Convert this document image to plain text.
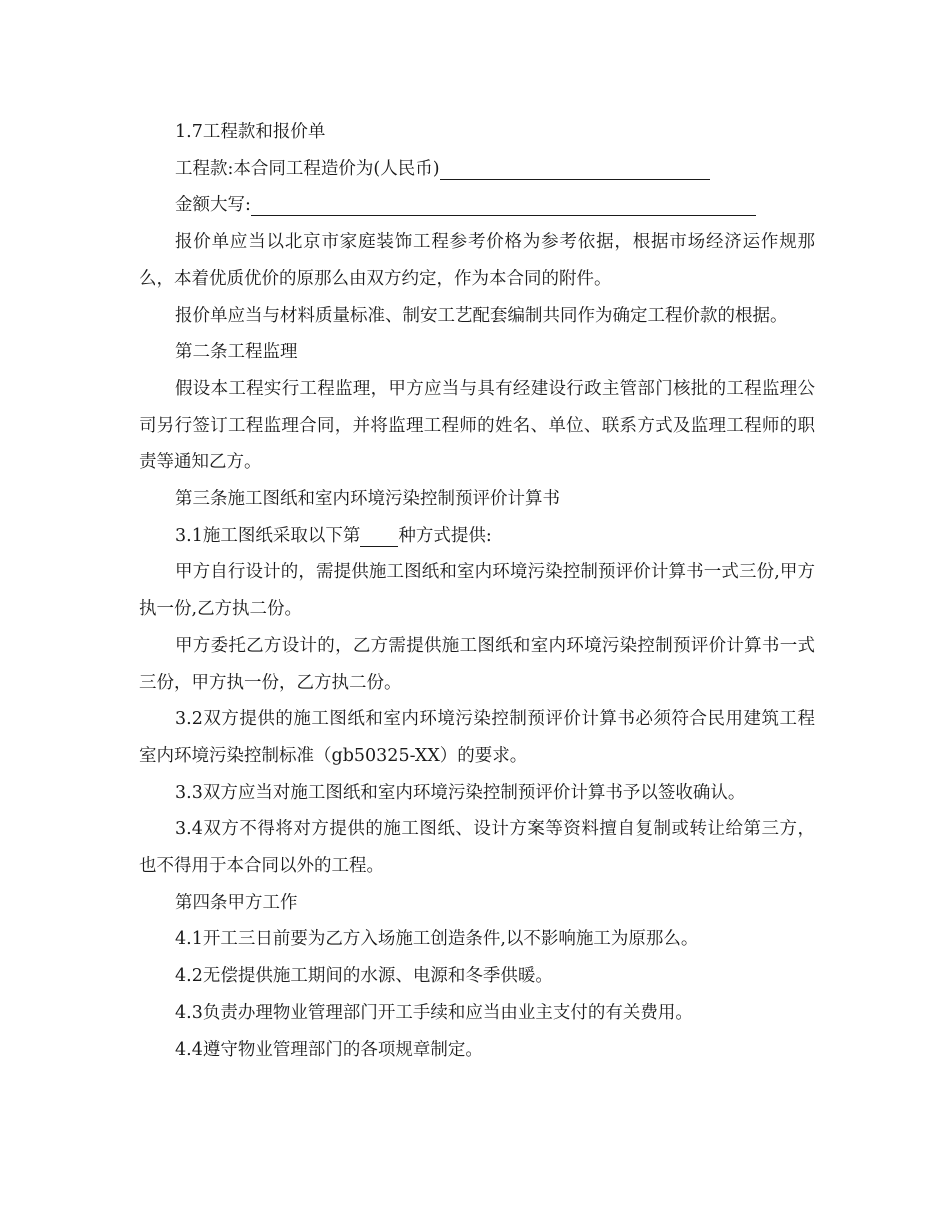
1.7工程款和报价单

工程款:本合同工程造价为(人民币)

金额大写:

报价单应当以北京市家庭装饰工程参考价格为参考依据，根据市场经济运作规那么，本着优质优价的原那么由双方约定，作为本合同的附件。

报价单应当与材料质量标准、制安工艺配套编制共同作为确定工程价款的根据。

第二条工程监理

假设本工程实行工程监理，甲方应当与具有经建设行政主管部门核批的工程监理公司另行签订工程监理合同，并将监理工程师的姓名、单位、联系方式及监理工程师的职责等通知乙方。

第三条施工图纸和室内环境污染控制预评价计算书

3.1施工图纸采取以下第 种方式提供:

甲方自行设计的，需提供施工图纸和室内环境污染控制预评价计算书一式三份,甲方执一份,乙方执二份。

甲方委托乙方设计的，乙方需提供施工图纸和室内环境污染控制预评价计算书一式三份，甲方执一份，乙方执二份。

3.2双方提供的施工图纸和室内环境污染控制预评价计算书必须符合民用建筑工程室内环境污染控制标准（gb50325-XX）的要求。

3.3双方应当对施工图纸和室内环境污染控制预评价计算书予以签收确认。

3.4双方不得将对方提供的施工图纸、设计方案等资料擅自复制或转让给第三方，也不得用于本合同以外的工程。

第四条甲方工作

4.1开工三日前要为乙方入场施工创造条件,以不影响施工为原那么。

4.2无偿提供施工期间的水源、电源和冬季供暖。

4.3负责办理物业管理部门开工手续和应当由业主支付的有关费用。

4.4遵守物业管理部门的各项规章制定。
